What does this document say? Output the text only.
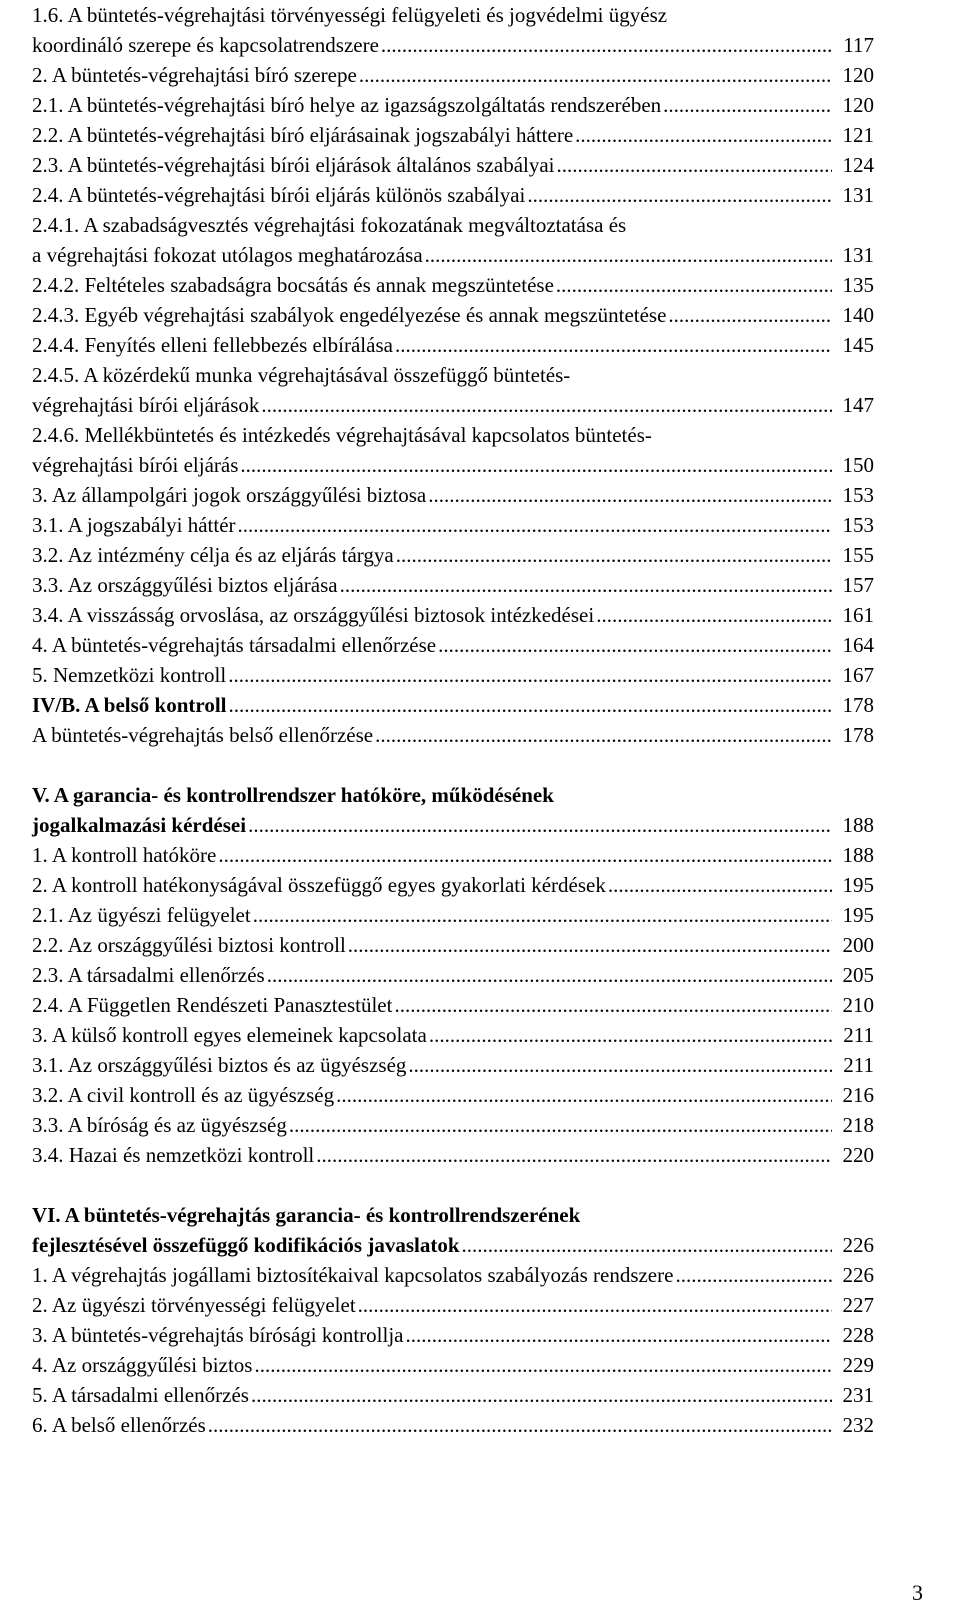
1.6. A büntetés-végrehajtási törvényességi felügyeleti és jogvédelmi ügyész
koordináló szerepe és kapcsolatrendszere .....	117
2. A büntetés-végrehajtási bíró szerepe .....	120
2.1. A büntetés-végrehajtási bíró helye az igazságszolgáltatás rendszerében .....	120
2.2. A büntetés-végrehajtási bíró eljárásainak jogszabályi háttere .....	121
2.3. A büntetés-végrehajtási bírói eljárások általános szabályai .....	124
2.4. A büntetés-végrehajtási bírói eljárás különös szabályai .....	131
2.4.1. A szabadságvesztés végrehajtási fokozatának megváltoztatása és
a végrehajtási fokozat utólagos meghatározása .....	131
2.4.2. Feltételes szabadságra bocsátás és annak megszüntetése .....	135
2.4.3. Egyéb végrehajtási szabályok engedélyezése és annak megszüntetése .....	140
2.4.4. Fenyítés elleni fellebbezés elbírálása .....	145
2.4.5. A közérdekű munka végrehajtásával összefüggő büntetés-
végrehajtási bírói eljárások .....	147
2.4.6. Mellékbüntetés és intézkedés végrehajtásával kapcsolatos büntetés-
végrehajtási bírói eljárás .....	150
3. Az állampolgári jogok országgyűlési biztosa .....	153
3.1. A jogszabályi háttér .....	153
3.2. Az intézmény célja és az eljárás tárgya .....	155
3.3. Az országgyűlési biztos eljárása .....	157
3.4. A visszásság orvoslása, az országgyűlési biztosok intézkedései .....	161
4. A büntetés-végrehajtás társadalmi ellenőrzése .....	164
5. Nemzetközi kontroll .....	167
IV/B. A belső kontroll .....	178
A büntetés-végrehajtás belső ellenőrzése .....	178
V. A garancia- és kontrollrendszer hatóköre, működésének
jogalkalmazási kérdései .....	188
1. A kontroll hatóköre .....	188
2. A kontroll hatékonyságával összefüggő egyes gyakorlati kérdések .....	195
2.1. Az ügyészi felügyelet .....	195
2.2. Az országgyűlési biztosi kontroll .....	200
2.3. A társadalmi ellenőrzés .....	205
2.4. A Független Rendészeti Panasztestület .....	210
3. A külső kontroll egyes elemeinek kapcsolata .....	211
3.1. Az országgyűlési biztos és az ügyészség .....	211
3.2. A civil kontroll és az ügyészség .....	216
3.3. A bíróság és az ügyészség .....	218
3.4. Hazai és nemzetközi kontroll .....	220
VI. A büntetés-végrehajtás garancia- és kontrollrendszerének
fejlesztésével összefüggő kodifikációs javaslatok .....	226
1. A végrehajtás jogállami biztosítékaival kapcsolatos szabályozás rendszere .....	226
2. Az ügyészi törvényességi felügyelet .....	227
3. A büntetés-végrehajtás bírósági kontrollja .....	228
4. Az országgyűlési biztos .....	229
5. A társadalmi ellenőrzés .....	231
6. A belső ellenőrzés .....	232
3
